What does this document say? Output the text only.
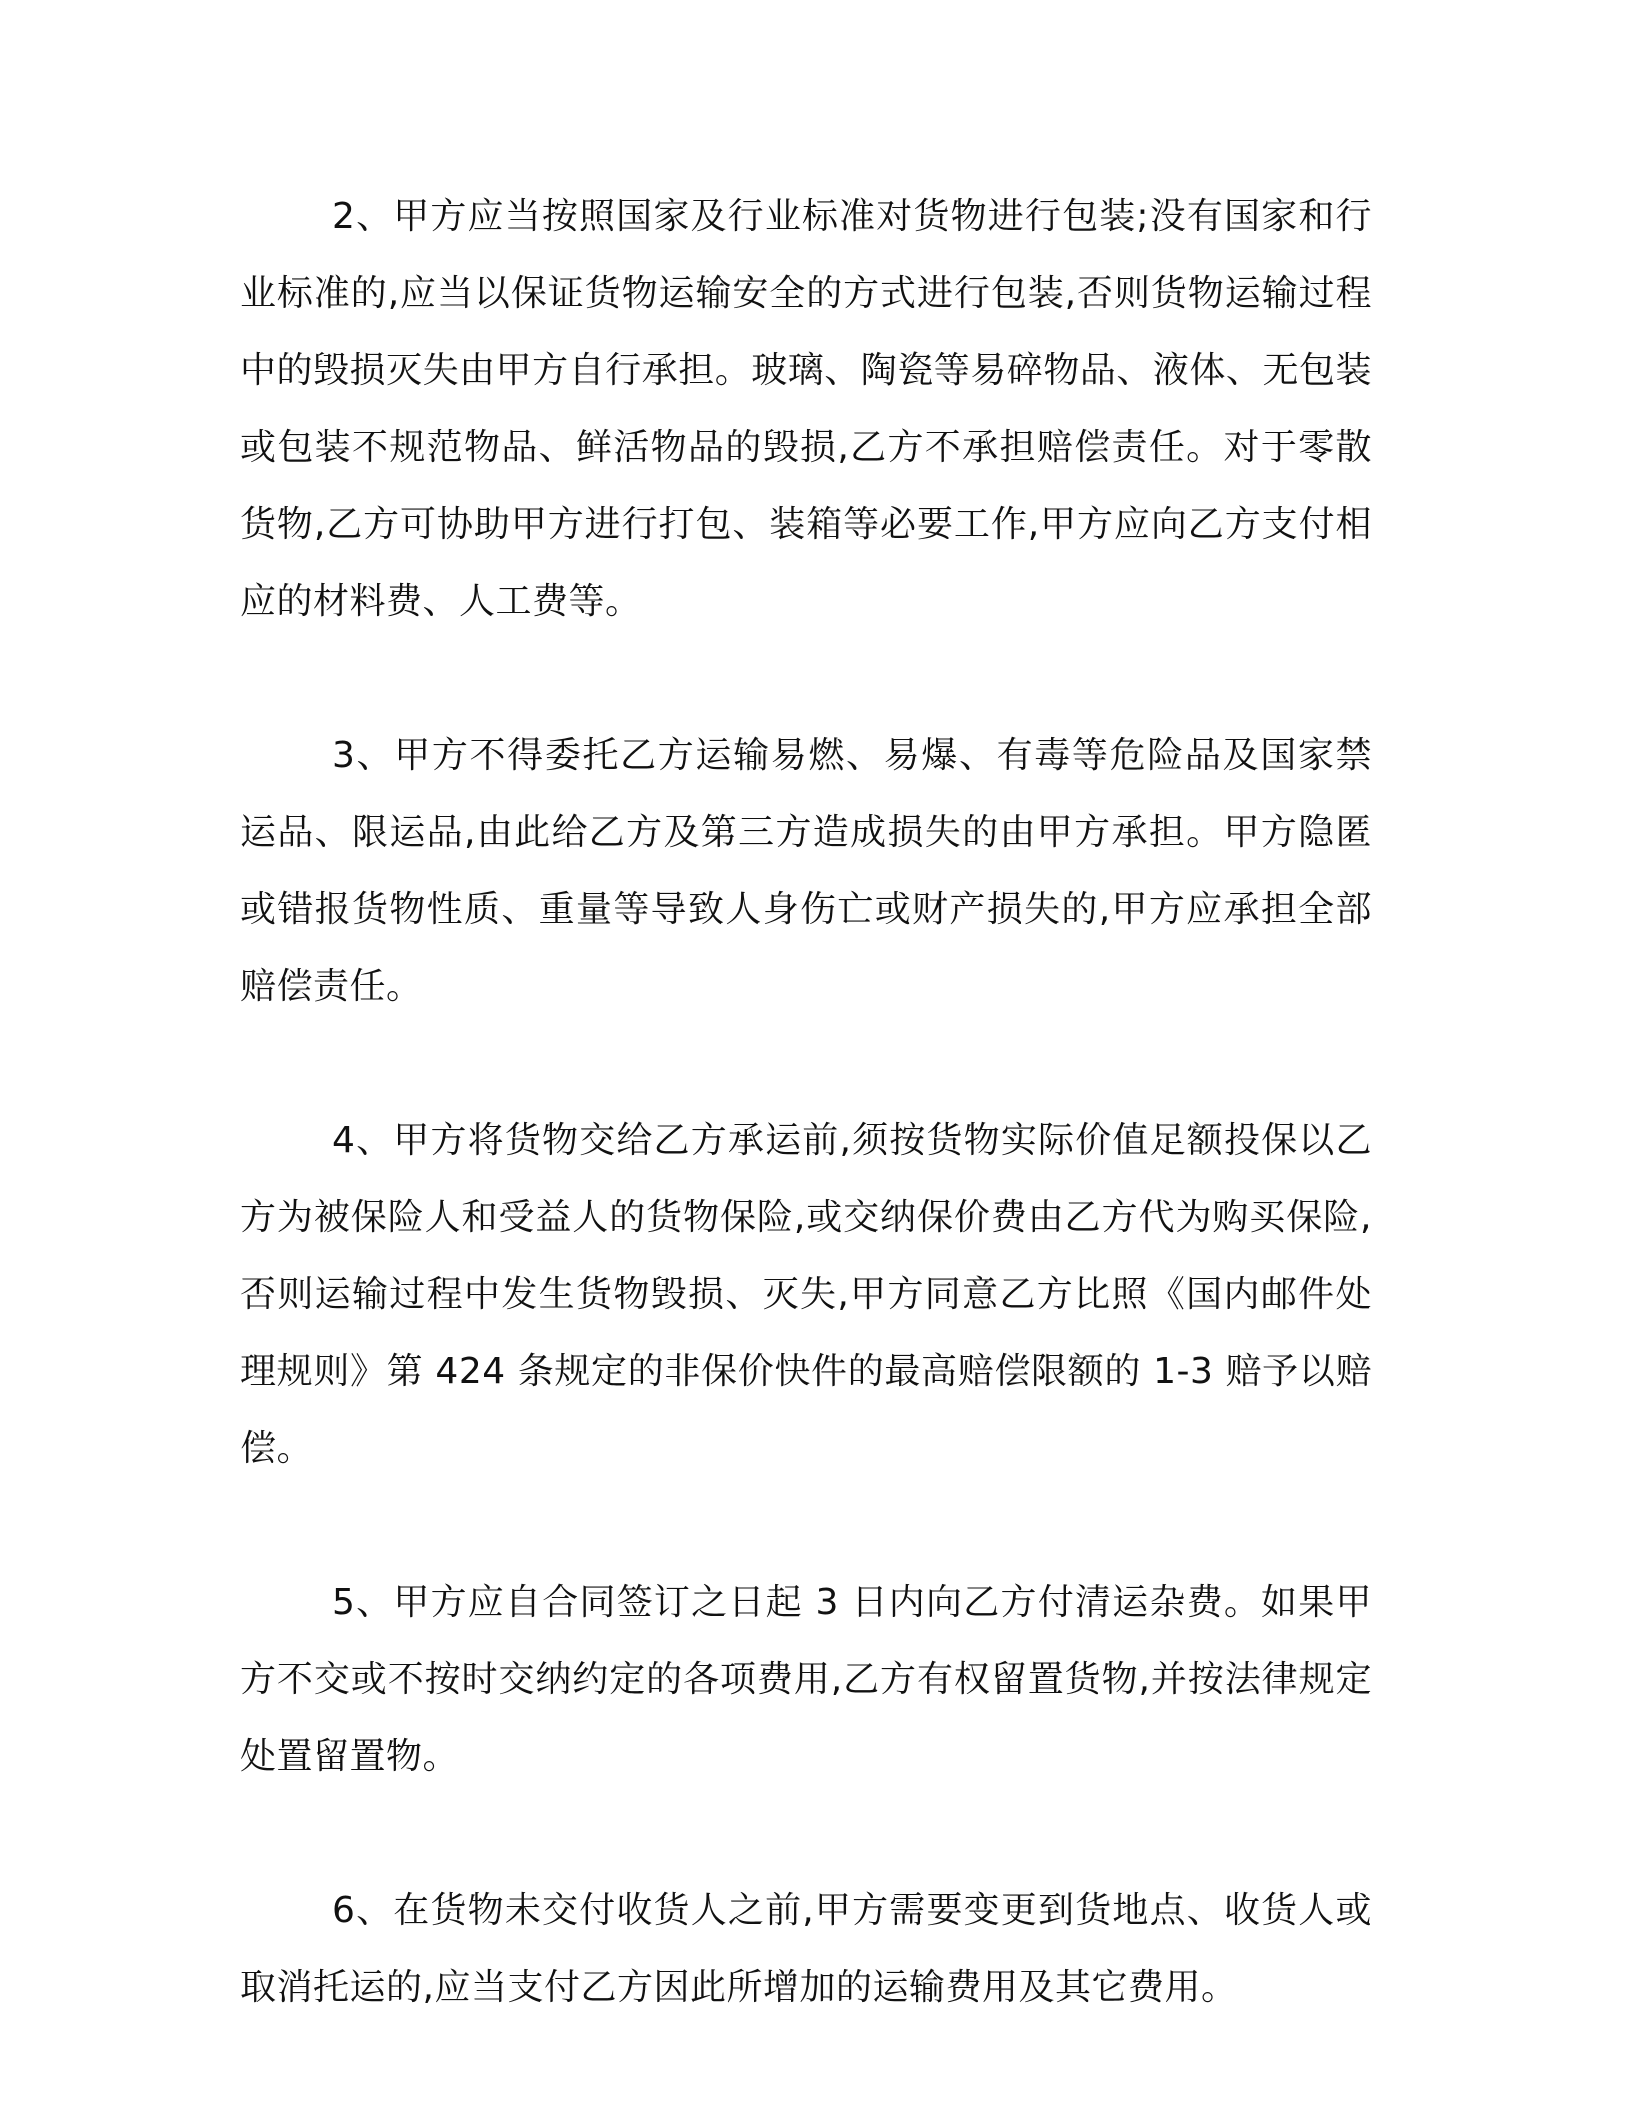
2、甲方应当按照国家及行业标准对货物进行包装;没有国家和行业标准的,应当以保证货物运输安全的方式进行包装,否则货物运输过程中的毁损灭失由甲方自行承担。玻璃、陶瓷等易碎物品、液体、无包装或包装不规范物品、鲜活物品的毁损,乙方不承担赔偿责任。对于零散货物,乙方可协助甲方进行打包、装箱等必要工作,甲方应向乙方支付相应的材料费、人工费等。

3、甲方不得委托乙方运输易燃、易爆、有毒等危险品及国家禁运品、限运品,由此给乙方及第三方造成损失的由甲方承担。甲方隐匿或错报货物性质、重量等导致人身伤亡或财产损失的,甲方应承担全部赔偿责任。

4、甲方将货物交给乙方承运前,须按货物实际价值足额投保以乙方为被保险人和受益人的货物保险,或交纳保价费由乙方代为购买保险,否则运输过程中发生货物毁损、灭失,甲方同意乙方比照《国内邮件处理规则》第 424 条规定的非保价快件的最高赔偿限额的 1-3 赔予以赔偿。

5、甲方应自合同签订之日起 3 日内向乙方付清运杂费。如果甲方不交或不按时交纳约定的各项费用,乙方有权留置货物,并按法律规定处置留置物。

6、在货物未交付收货人之前,甲方需要变更到货地点、收货人或取消托运的,应当支付乙方因此所增加的运输费用及其它费用。
